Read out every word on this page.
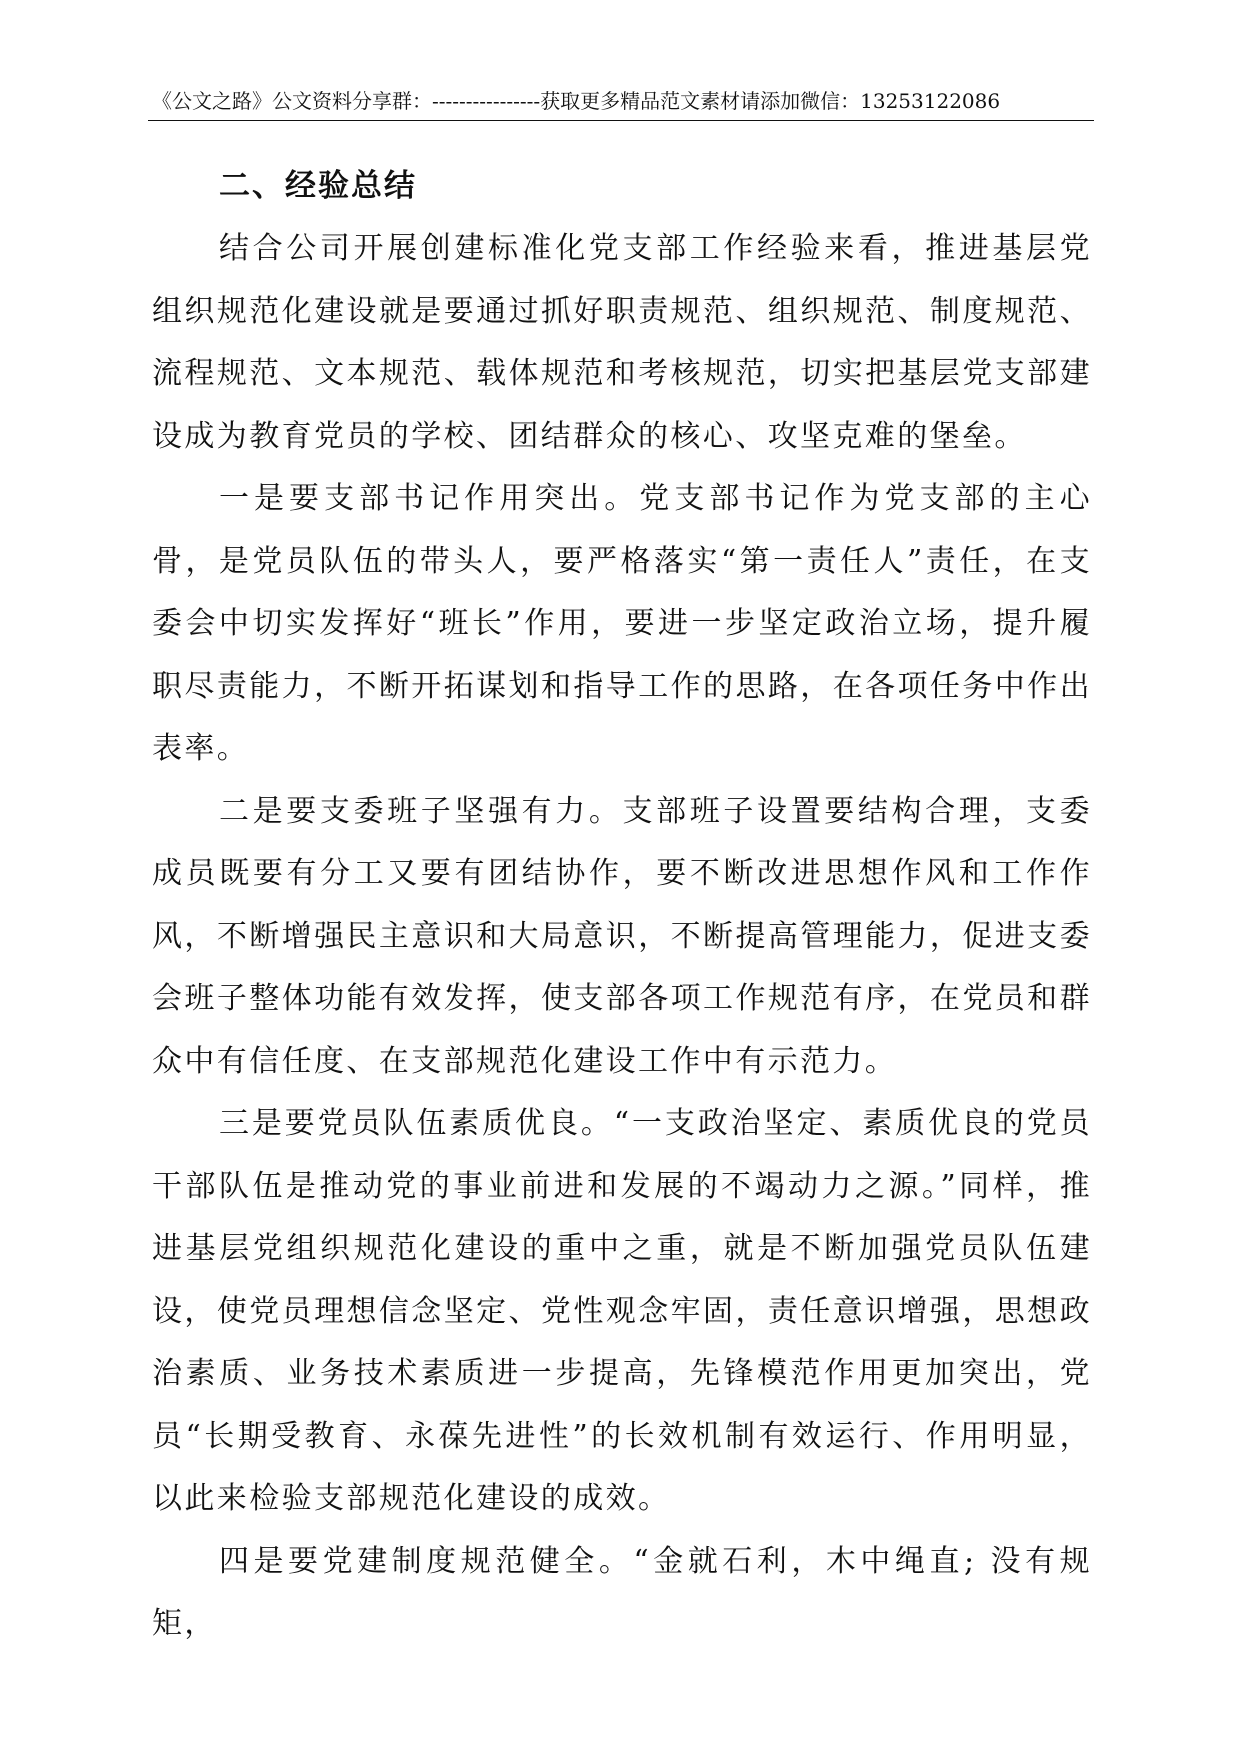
《公文之路》公文资料分享群：----------------获取更多精品范文素材请添加微信：13253122086

二、经验总结

结合公司开展创建标准化党支部工作经验来看，推进基层党组织规范化建设就是要通过抓好职责规范、组织规范、制度规范、流程规范、文本规范、载体规范和考核规范，切实把基层党支部建设成为教育党员的学校、团结群众的核心、攻坚克难的堡垒。

一是要支部书记作用突出。党支部书记作为党支部的主心骨，是党员队伍的带头人，要严格落实“第一责任人”责任，在支委会中切实发挥好“班长”作用，要进一步坚定政治立场，提升履职尽责能力，不断开拓谋划和指导工作的思路，在各项任务中作出表率。

二是要支委班子坚强有力。支部班子设置要结构合理，支委成员既要有分工又要有团结协作，要不断改进思想作风和工作作风，不断增强民主意识和大局意识，不断提高管理能力，促进支委会班子整体功能有效发挥，使支部各项工作规范有序，在党员和群众中有信任度、在支部规范化建设工作中有示范力。

三是要党员队伍素质优良。“一支政治坚定、素质优良的党员干部队伍是推动党的事业前进和发展的不竭动力之源。”同样，推进基层党组织规范化建设的重中之重，就是不断加强党员队伍建设，使党员理想信念坚定、党性观念牢固，责任意识增强，思想政治素质、业务技术素质进一步提高，先锋模范作用更加突出，党员“长期受教育、永葆先进性”的长效机制有效运行、作用明显，以此来检验支部规范化建设的成效。

四是要党建制度规范健全。“金就石利，木中绳直; 没有规矩，
